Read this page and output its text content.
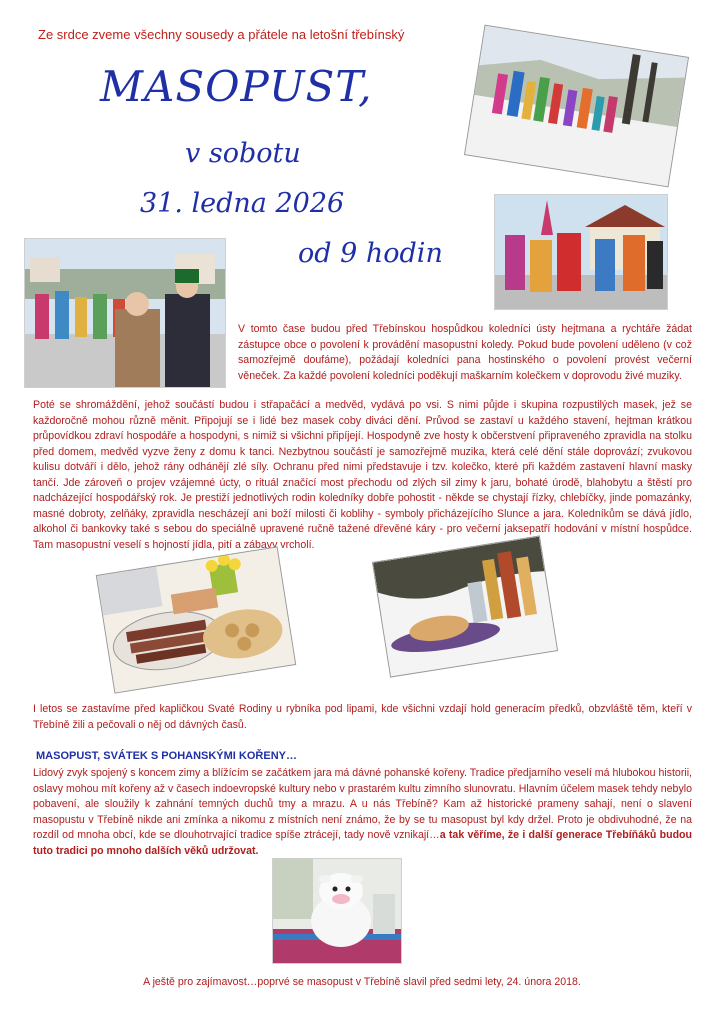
Ze srdce zveme všechny sousedy a přátele na letošní třebínský
MASOPUST,
v sobotu
31. ledna 2026
od 9 hodin
V tomto čase budou před Třebínskou hospůdkou koledníci ústy hejtmana a rychtáře žádat zástupce obce o povolení k provádění masopustní koledy. Pokud bude povolení uděleno (v což samozřejmě doufáme), požádají koledníci pana hostinského o povolení provést večerní věneček. Za každé povolení koledníci poděkují maškarním kolečkem v doprovodu živé muziky.
Poté se shromáždění, jehož součástí budou i střapačácí a medvěd, vydává po vsi. S nimi půjde i skupina rozpustilých masek, jež se každoročně mohou různě měnit. Připojují se i lidé bez masek coby diváci dění. Průvod se zastaví u každého stavení, hejtman krátkou průpovídkou zdraví hospodáře a hospodyni, s nimiž si všichni připíjejí. Hospodyně zve hosty k občerstvení připraveného zpravidla na stolku před domem, medvěd vyzve ženy z domu k tanci. Nezbytnou součástí je samozřejmě muzika, která celé dění stále doprovází; zvukovou kulisu dotváří i dělo, jehož rány odhánějí zlé síly. Ochranu před nimi představuje i tzv. kolečko, které při každém zastavení hlavní masky tančí. Jde zároveň o projev vzájemné úcty, o rituál značící most přechodu od zlých sil zimy k jaru, bohaté úrodě, blahobytu a štěstí pro nadcházející hospodářský rok. Je prestiží jednotlivých rodin koledníky dobře pohostit - někde se chystají řízky, chlebíčky, jinde pomazánky, masné dobroty, zelňáky, zpravidla nescházejí ani boží milosti či koblihy - symboly přicházejícího Slunce a jara. Koledníkům se dává jídlo, alkohol či bankovky také s sebou do speciálně upravené ručně tažené dřevěné káry - pro večerní jaksepatří hodování v místní hospůdce. Tam masopustní veselí s hojností jídla, pití a zábavy vrcholí.
I letos se zastavíme před kapličkou Svaté Rodiny u rybníka pod lipami, kde všichni vzdají hold generacím předků, obzvláště těm, kteří v Třebíně žili a pečovali o něj od dávných časů.
MASOPUST, SVÁTEK S POHANSKÝMI KOŘENY…
Lidový zvyk spojený s koncem zimy a blížícím se začátkem jara má dávné pohanské kořeny. Tradice předjarního veselí má hlubokou historii, oslavy mohou mít kořeny až v časech indoevropské kultury nebo v prastarém kultu zimního slunovratu. Hlavním účelem masek tehdy nebylo pobavení, ale sloužily k zahnání temných duchů tmy a mrazu. A u nás Třebíně? Kam až historické prameny sahají, není o slavení masopustu v Třebíně nikde ani zmínka a nikomu z místních není známo, že by se tu masopust byl kdy držel. Proto je obdivuhodné, že na rozdíl od mnoha obcí, kde se dlouhotrvající tradice spíše ztrácejí, tady nově vznikají…a tak věříme, že i další generace Třebíňáků budou tuto tradici po mnoho dalších věků udržovat.
A ještě pro zajímavost…poprvé se masopust v Třebíně slavil před sedmi lety, 24. února 2018.
